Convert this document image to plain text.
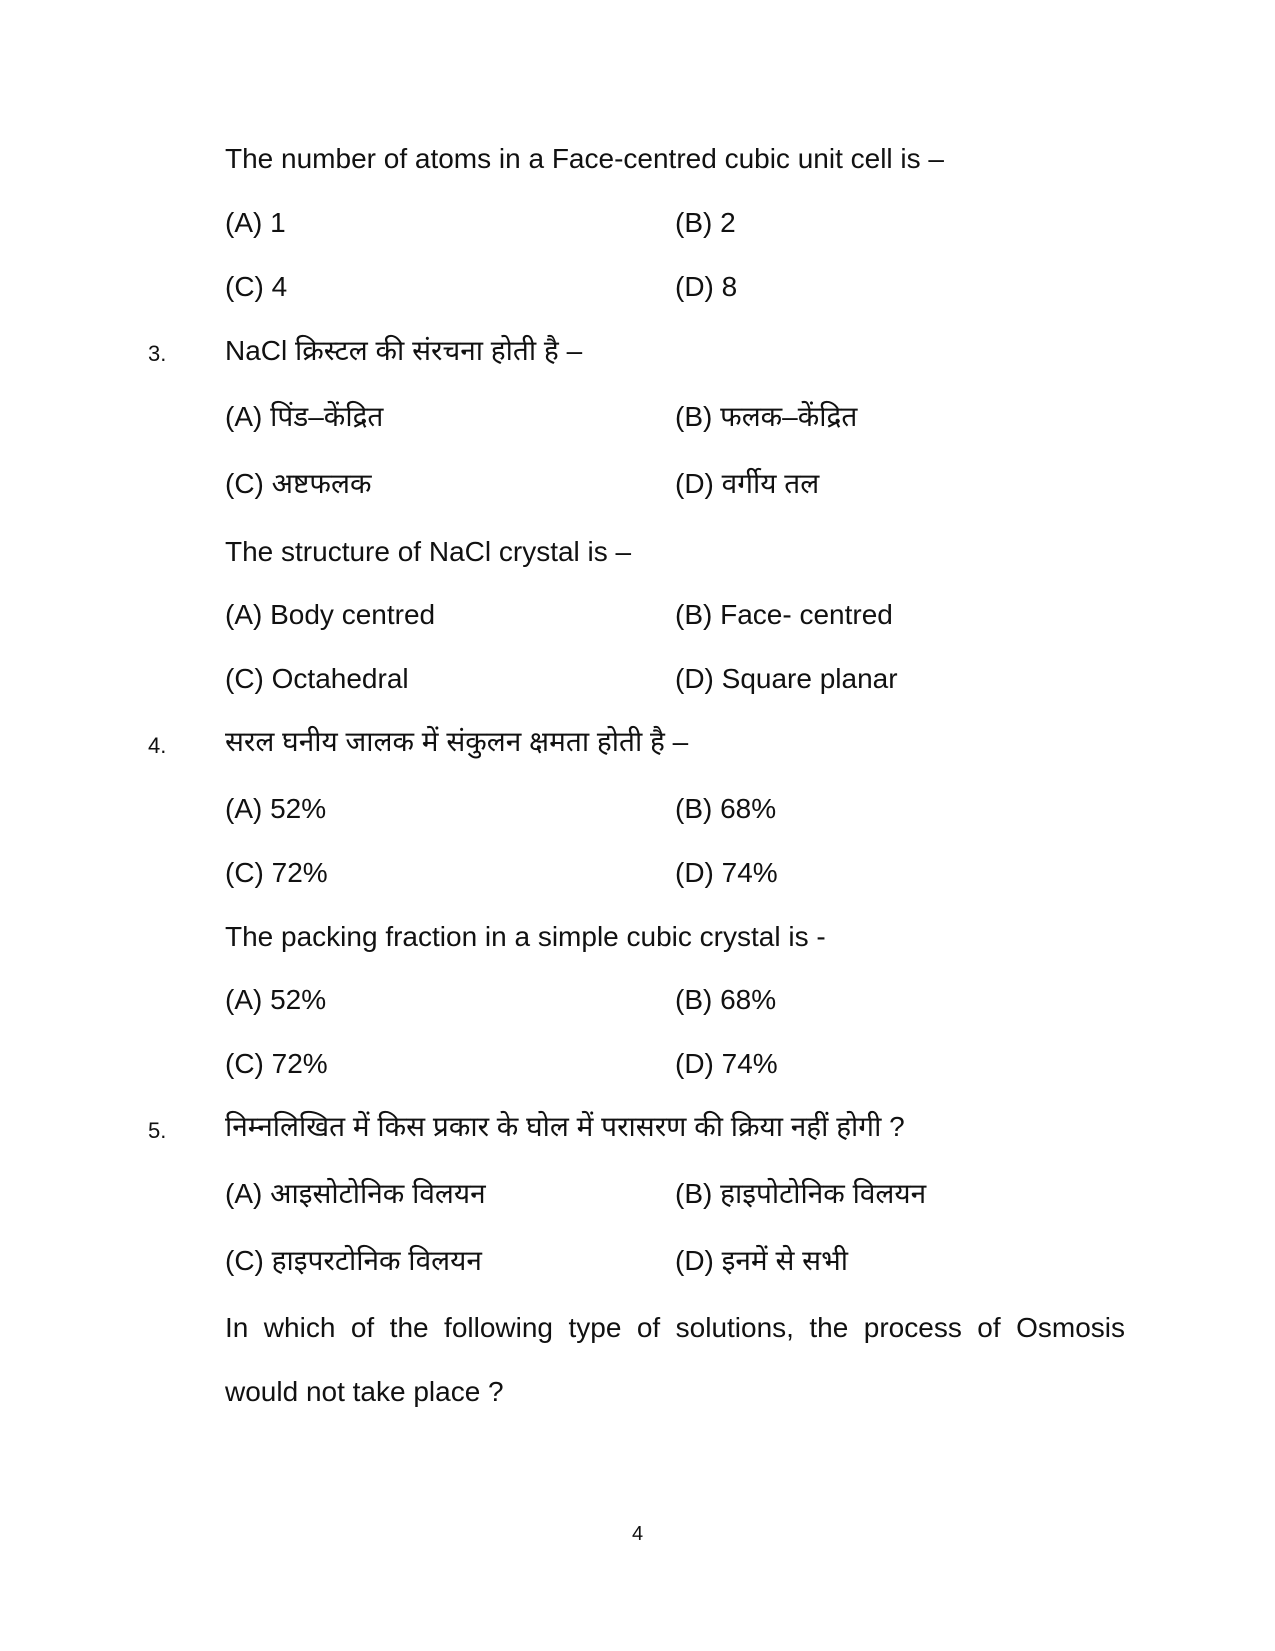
The number of atoms in a Face-centred cubic unit cell is –
(A) 1	(B) 2
(C) 4	(D) 8
3. NaCl क्रिस्टल की संरचना होती है –
(A) पिंड–केंद्रित	(B) फलक–केंद्रित
(C) अष्टफलक	(D) वर्गीय तल
The structure of NaCl crystal is –
(A) Body centred	(B) Face- centred
(C) Octahedral	(D) Square planar
4. सरल घनीय जालक में संकुलन क्षमता होती है –
(A) 52%	(B) 68%
(C) 72%	(D) 74%
The packing fraction in a simple cubic crystal is -
(A) 52%	(B) 68%
(C) 72%	(D) 74%
5. निम्नलिखित में किस प्रकार के घोल में परासरण की क्रिया नहीं होगी ?
(A) आइसोटोनिक विलयन	(B) हाइपोटोनिक विलयन
(C) हाइपरटोनिक विलयन	(D) इनमें से सभी
In which of the following type of solutions, the process of Osmosis
would not take place ?
4
